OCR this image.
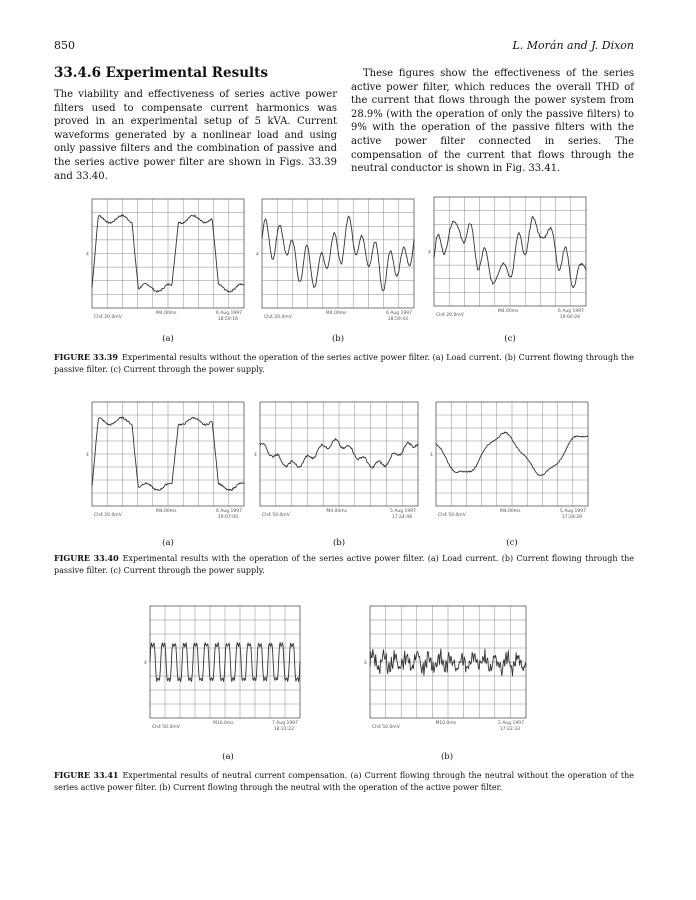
850	L. Morán and J. Dixon
33.4.6 Experimental Results
The viability and effectiveness of series active power filters used to compensate current harmonics was proved in an experimental setup of 5 kVA. Current waveforms generated by a nonlinear load and using only passive filters and the combination of passive and the series active power filter are shown in Figs. 33.39 and 33.40.
These figures show the effectiveness of the series active power filter, which reduces the overall THD of the current that flows through the power system from 28.9% (with the operation of only the passive filters) to 9% with the operation of the passive filters with the active power filter connected in series. The compensation of the current that flows through the neutral conductor is shown in Fig. 33.41.
4
Ch4 20.0mV
M4.00ms	6 Aug 1997
18:59:16
4
Ch4 20.0mV
M4.00ms	6 Aug 1997
18:59:43
4
Ch4 20.0mV
M4.00ms	6 Aug 1997
19:00:28
(a)	(b)	(c)
FIGURE 33.39 Experimental results without the operation of the series active power filter. (a) Load current. (b) Current flowing through the passive filter. (c) Current through the power supply.
4
Ch4 20.0mV
M4.00ms	6 Aug 1997
19:07:00
4
Ch4 50.0mV
M4.00ms	5 Aug 1997
17:24:48
4
Ch4 50.0mV
M4.00ms	5 Aug 1997
17:28:29
(a)	(b)	(c)
FIGURE 33.40 Experimental results with the operation of the series active power filter. (a) Load current. (b) Current flowing through the passive filter. (c) Current through the power supply.
4
Ch4 50.0mV
M10.0ms	7 Aug 1997
18:31:22
4
Ch4 50.0mV
M10.0ms	5 Aug 1997
17:22:33
(a)	(b)
FIGURE 33.41 Experimental results of neutral current compensation. (a) Current flowing through the neutral without the operation of the series active power filter. (b) Current flowing through the neutral with the operation of the active power filter.
